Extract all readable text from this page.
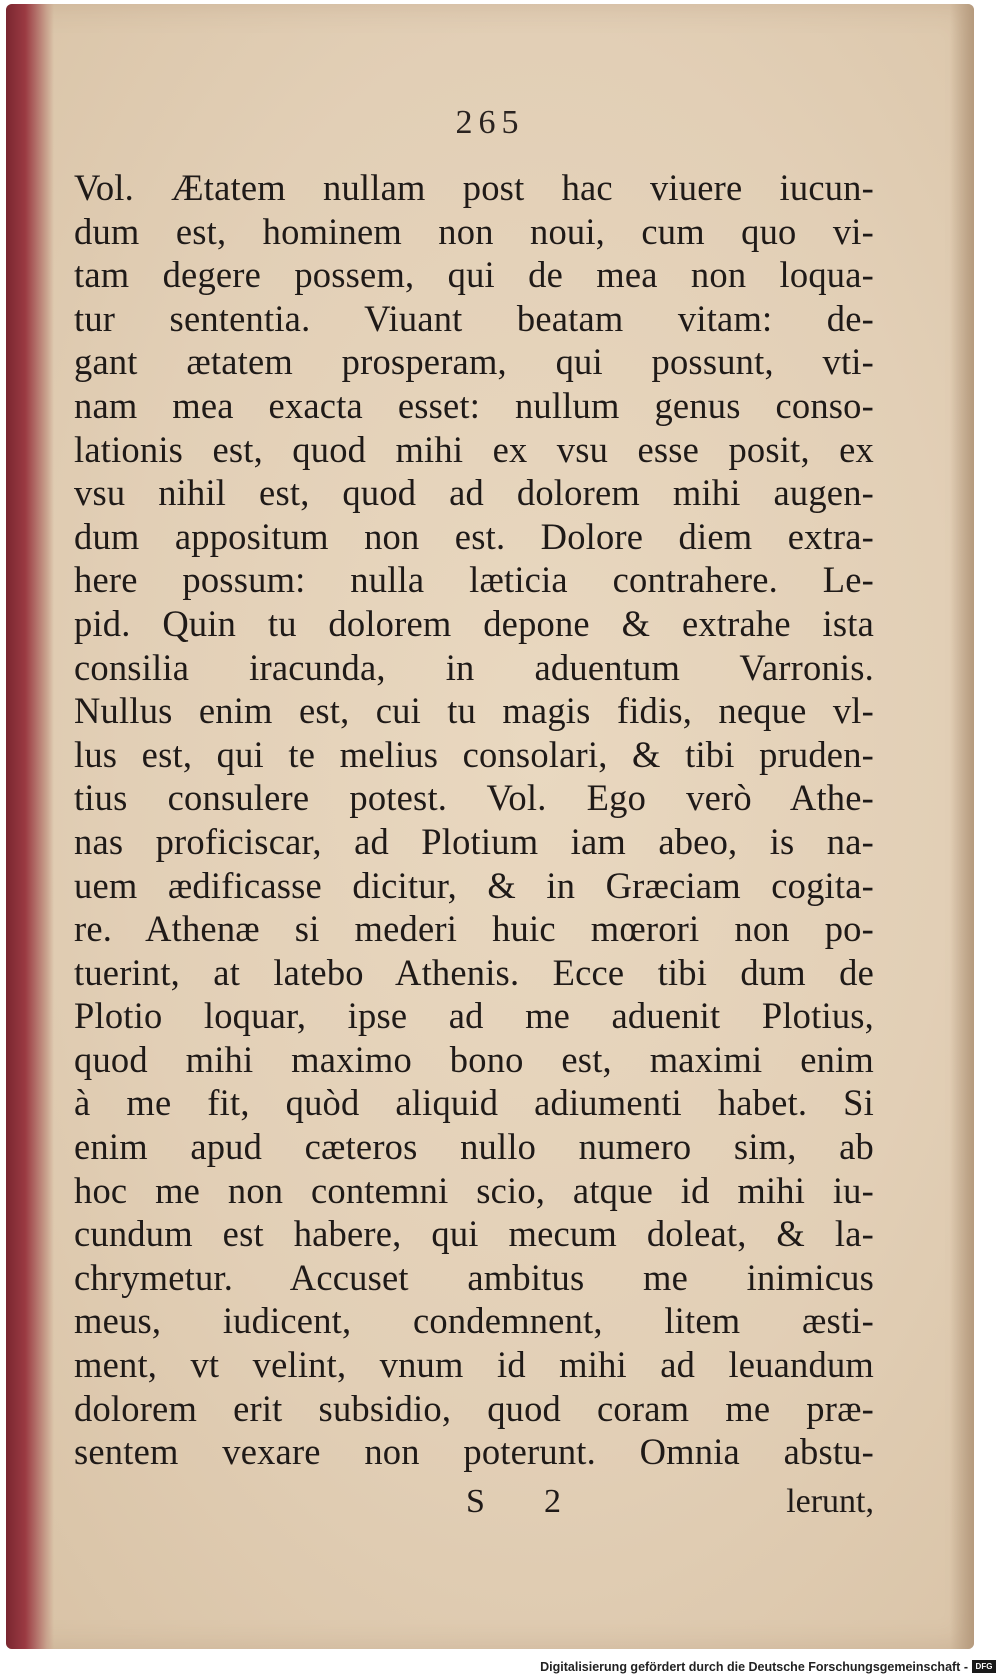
265
Vol. Ætatem nullam post hac viuere iucun-
dum est, hominem non noui, cum quo vi-
tam degere possem, qui de mea non loqua-
tur sententia. Viuant beatam vitam: de-
gant ætatem prosperam, qui possunt, vti-
nam mea exacta esset: nullum genus conso-
lationis est, quod mihi ex vsu esse posit, ex
vsu nihil est, quod ad dolorem mihi augen-
dum appositum non est. Dolore diem extra-
here possum: nulla læticia contrahere. Le-
pid. Quin tu dolorem depone & extrahe ista
consilia iracunda, in aduentum Varronis.
Nullus enim est, cui tu magis fidis, neque vl-
lus est, qui te melius consolari, & tibi pruden-
tius consulere potest. Vol. Ego verò Athe-
nas proficiscar, ad Plotium iam abeo, is na-
uem ædificasse dicitur, & in Græciam cogita-
re. Athenæ si mederi huic mœrori non po-
tuerint, at latebo Athenis. Ecce tibi dum de
Plotio loquar, ipse ad me aduenit Plotius,
quod mihi maximo bono est, maximi enim
à me fit, quòd aliquid adiumenti habet. Si
enim apud cæteros nullo numero sim, ab
hoc me non contemni scio, atque id mihi iu-
cundum est habere, qui mecum doleat, & la-
chrymetur. Accuset ambitus me inimicus
meus, iudicent, condemnent, litem æsti-
ment, vt velint, vnum id mihi ad leuandum
dolorem erit subsidio, quod coram me præ-
sentem vexare non poterunt. Omnia abstu-
S 2	lerunt,
Digitalisierung gefördert durch die Deutsche Forschungsgemeinschaft - DFG
